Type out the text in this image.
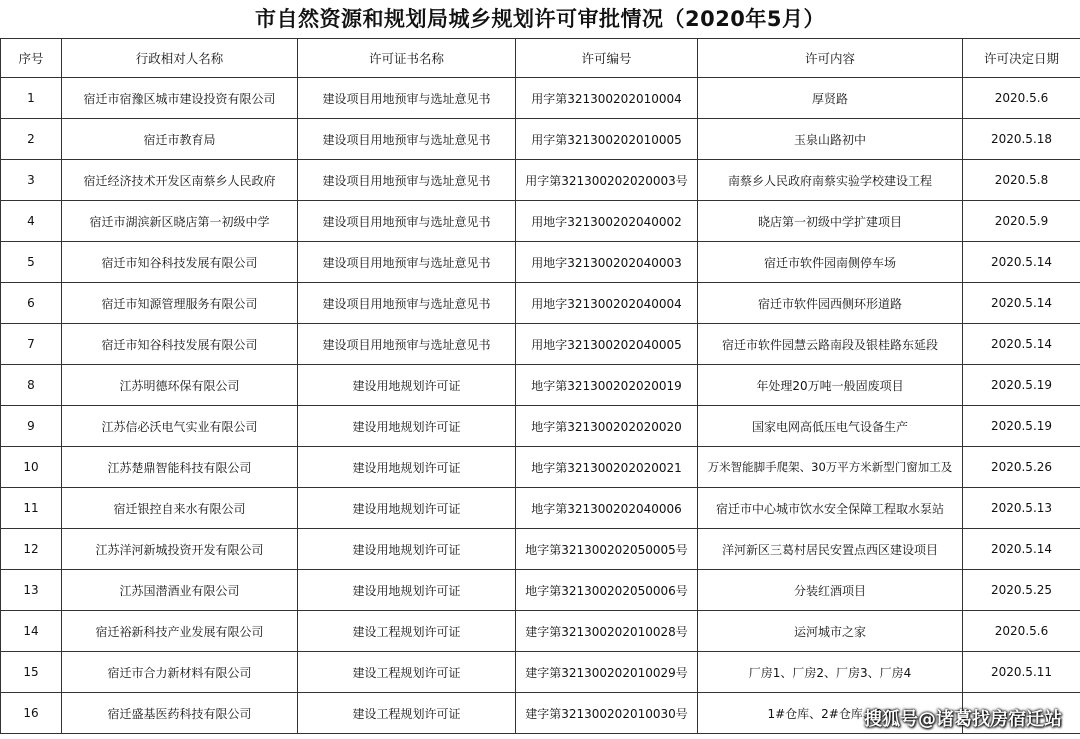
市自然资源和规划局城乡规划许可审批情况（2020年5月）
序号	行政相对人名称	许可证书名称	许可编号	许可内容	许可决定日期
1	宿迁市宿豫区城市建设投资有限公司	建设项目用地预审与选址意见书	用字第321300202010004	厚贤路	2020.5.6
2	宿迁市教育局	建设项目用地预审与选址意见书	用字第321300202010005	玉泉山路初中	2020.5.18
3	宿迁经济技术开发区南蔡乡人民政府	建设项目用地预审与选址意见书	用字第321300202020003号	南蔡乡人民政府南蔡实验学校建设工程	2020.5.8
4	宿迁市湖滨新区晓店第一初级中学	建设项目用地预审与选址意见书	用地字321300202040002	晓店第一初级中学扩建项目	2020.5.9
5	宿迁市知谷科技发展有限公司	建设项目用地预审与选址意见书	用地字321300202040003	宿迁市软件园南侧停车场	2020.5.14
6	宿迁市知源管理服务有限公司	建设项目用地预审与选址意见书	用地字321300202040004	宿迁市软件园西侧环形道路	2020.5.14
7	宿迁市知谷科技发展有限公司	建设项目用地预审与选址意见书	用地字321300202040005	宿迁市软件园慧云路南段及银桂路东延段	2020.5.14
8	江苏明德环保有限公司	建设用地规划许可证	地字第321300202020019	年处理20万吨一般固废项目	2020.5.19
9	江苏信必沃电气实业有限公司	建设用地规划许可证	地字第321300202020020	国家电网高低压电气设备生产	2020.5.19
10	江苏楚鼎智能科技有限公司	建设用地规划许可证	地字第321300202020021	万米智能脚手爬架、30万平方米新型门窗加工及	2020.5.26
11	宿迁银控自来水有限公司	建设用地规划许可证	地字第321300202040006	宿迁市中心城市饮水安全保障工程取水泵站	2020.5.13
12	江苏洋河新城投资开发有限公司	建设用地规划许可证	地字第321300202050005号	洋河新区三葛村居民安置点西区建设项目	2020.5.14
13	江苏国潜酒业有限公司	建设用地规划许可证	地字第321300202050006号	分装红酒项目	2020.5.25
14	宿迁裕新科技产业发展有限公司	建设工程规划许可证	建字第321300202010028号	运河城市之家	2020.5.6
15	宿迁市合力新材料有限公司	建设工程规划许可证	建字第321300202010029号	厂房1、厂房2、厂房3、厂房4	2020.5.11
16	宿迁盛基医药科技有限公司	建设工程规划许可证	建字第321300202010030号	1#仓库、2#仓库、3#	
搜狐号@诸葛找房宿迁站
